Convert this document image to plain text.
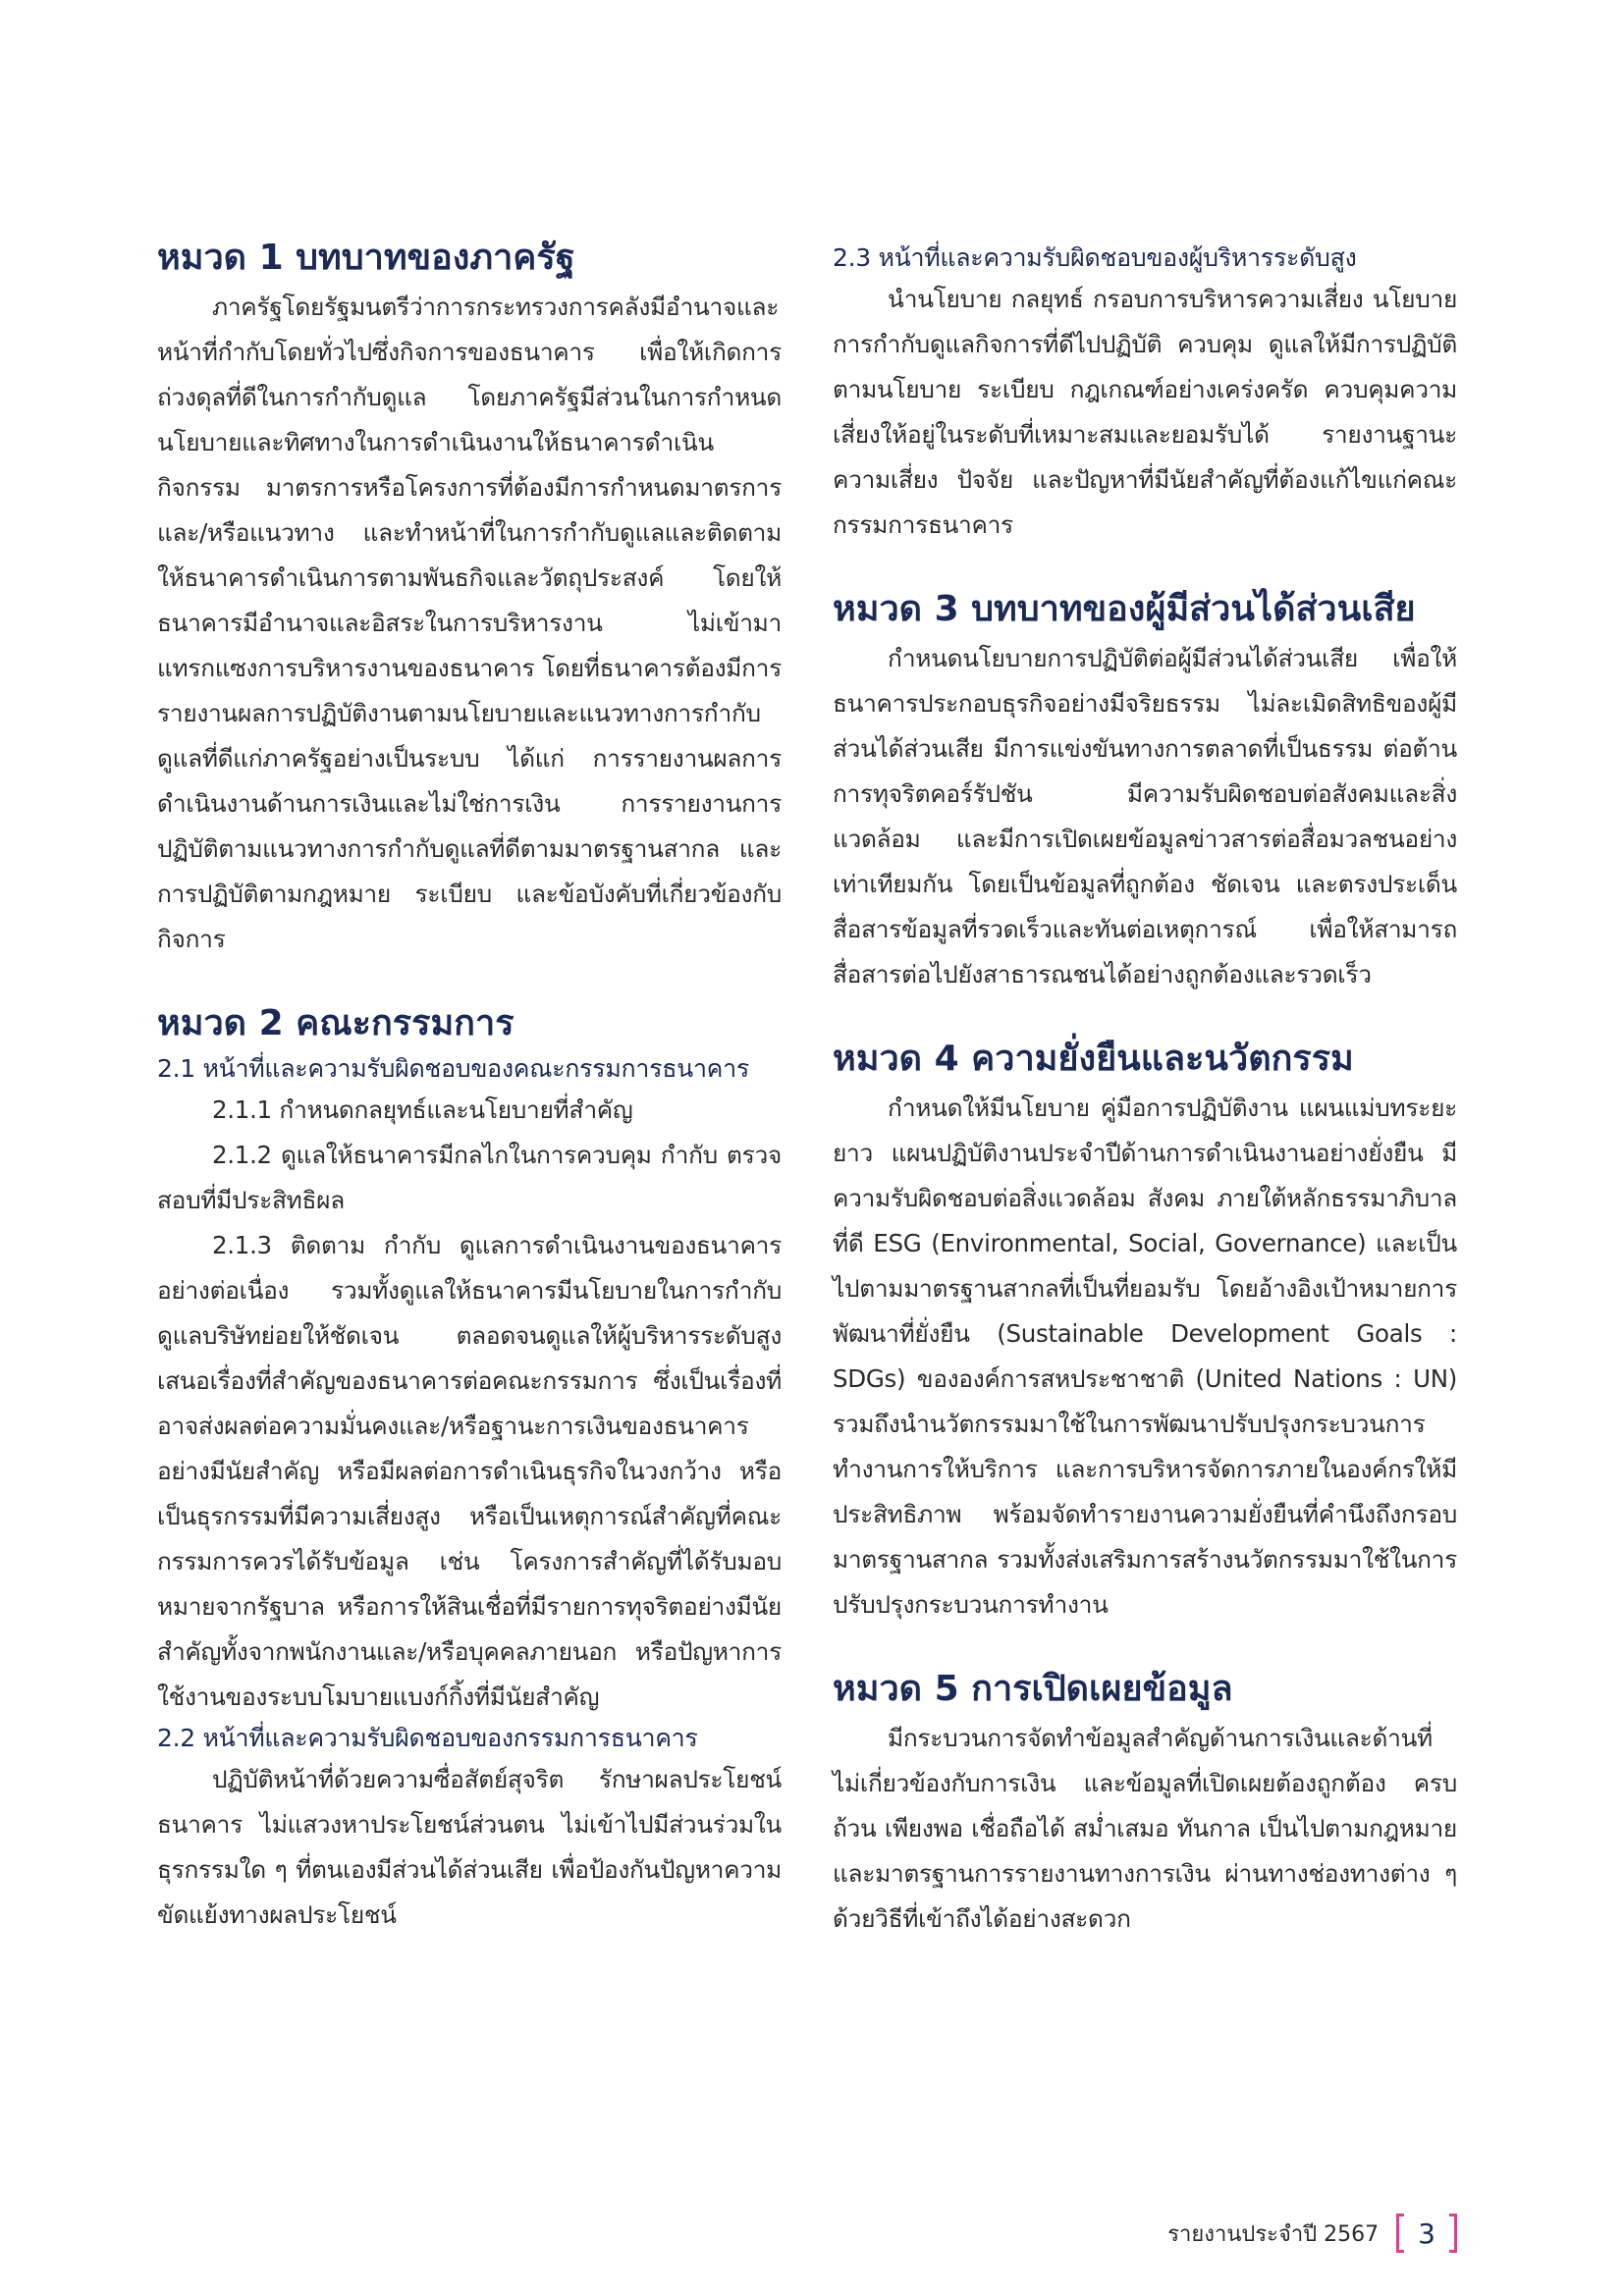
หมวด 1 บทบาทของภาครัฐ

ภาครัฐโดยรัฐมนตรีว่าการกระทรวงการคลังมีอำนาจและหน้าที่กำกับโดยทั่วไปซึ่งกิจการของธนาคาร เพื่อให้เกิดการถ่วงดุลที่ดีในการกำกับดูแล โดยภาครัฐมีส่วนในการกำหนดนโยบายและทิศทางในการดำเนินงานให้ธนาคารดำเนินกิจกรรม มาตรการหรือโครงการที่ต้องมีการกำหนดมาตรการและ/หรือแนวทาง และทำหน้าที่ในการกำกับดูแลและติดตามให้ธนาคารดำเนินการตามพันธกิจและวัตถุประสงค์ โดยให้ธนาคารมีอำนาจและอิสระในการบริหารงาน ไม่เข้ามาแทรกแซงการบริหารงานของธนาคาร โดยที่ธนาคารต้องมีการรายงานผลการปฏิบัติงานตามนโยบายและแนวทางการกำกับดูแลที่ดีแก่ภาครัฐอย่างเป็นระบบ ได้แก่ การรายงานผลการดำเนินงานด้านการเงินและไม่ใช่การเงิน การรายงานการปฏิบัติตามแนวทางการกำกับดูแลที่ดีตามมาตรฐานสากล และการปฏิบัติตามกฎหมาย ระเบียบ และข้อบังคับที่เกี่ยวข้องกับกิจการ

หมวด 2 คณะกรรมการ
2.1 หน้าที่และความรับผิดชอบของคณะกรรมการธนาคาร

2.1.1 กำหนดกลยุทธ์และนโยบายที่สำคัญ

2.1.2 ดูแลให้ธนาคารมีกลไกในการควบคุม กำกับ ตรวจสอบที่มีประสิทธิผล

2.1.3 ติดตาม กำกับ ดูแลการดำเนินงานของธนาคารอย่างต่อเนื่อง รวมทั้งดูแลให้ธนาคารมีนโยบายในการกำกับดูแลบริษัทย่อยให้ชัดเจน ตลอดจนดูแลให้ผู้บริหารระดับสูงเสนอเรื่องที่สำคัญของธนาคารต่อคณะกรรมการ ซึ่งเป็นเรื่องที่อาจส่งผลต่อความมั่นคงและ/หรือฐานะการเงินของธนาคารอย่างมีนัยสำคัญ หรือมีผลต่อการดำเนินธุรกิจในวงกว้าง หรือเป็นธุรกรรมที่มีความเสี่ยงสูง หรือเป็นเหตุการณ์สำคัญที่คณะกรรมการควรได้รับข้อมูล เช่น โครงการสำคัญที่ได้รับมอบหมายจากรัฐบาล หรือการให้สินเชื่อที่มีรายการทุจริตอย่างมีนัยสำคัญทั้งจากพนักงานและ/หรือบุคคลภายนอก หรือปัญหาการใช้งานของระบบโมบายแบงก์กิ้งที่มีนัยสำคัญ

2.2 หน้าที่และความรับผิดชอบของกรรมการธนาคาร

ปฏิบัติหน้าที่ด้วยความซื่อสัตย์สุจริต รักษาผลประโยชน์ธนาคาร ไม่แสวงหาประโยชน์ส่วนตน ไม่เข้าไปมีส่วนร่วมในธุรกรรมใด ๆ ที่ตนเองมีส่วนได้ส่วนเสีย เพื่อป้องกันปัญหาความขัดแย้งทางผลประโยชน์

2.3 หน้าที่และความรับผิดชอบของผู้บริหารระดับสูง

นำนโยบาย กลยุทธ์ กรอบการบริหารความเสี่ยง นโยบายการกำกับดูแลกิจการที่ดีไปปฏิบัติ ควบคุม ดูแลให้มีการปฏิบัติตามนโยบาย ระเบียบ กฎเกณฑ์อย่างเคร่งครัด ควบคุมความเสี่ยงให้อยู่ในระดับที่เหมาะสมและยอมรับได้ รายงานฐานะความเสี่ยง ปัจจัย และปัญหาที่มีนัยสำคัญที่ต้องแก้ไขแก่คณะกรรมการธนาคาร

หมวด 3 บทบาทของผู้มีส่วนได้ส่วนเสีย

กำหนดนโยบายการปฏิบัติต่อผู้มีส่วนได้ส่วนเสีย เพื่อให้ธนาคารประกอบธุรกิจอย่างมีจริยธรรม ไม่ละเมิดสิทธิของผู้มีส่วนได้ส่วนเสีย มีการแข่งขันทางการตลาดที่เป็นธรรม ต่อต้านการทุจริตคอร์รัปชัน มีความรับผิดชอบต่อสังคมและสิ่งแวดล้อม และมีการเปิดเผยข้อมูลข่าวสารต่อสื่อมวลชนอย่างเท่าเทียมกัน โดยเป็นข้อมูลที่ถูกต้อง ชัดเจน และตรงประเด็น สื่อสารข้อมูลที่รวดเร็วและทันต่อเหตุการณ์ เพื่อให้สามารถสื่อสารต่อไปยังสาธารณชนได้อย่างถูกต้องและรวดเร็ว

หมวด 4 ความยั่งยืนและนวัตกรรม

กำหนดให้มีนโยบาย คู่มือการปฏิบัติงาน แผนแม่บทระยะยาว แผนปฏิบัติงานประจำปีด้านการดำเนินงานอย่างยั่งยืน มีความรับผิดชอบต่อสิ่งแวดล้อม สังคม ภายใต้หลักธรรมาภิบาลที่ดี ESG (Environmental, Social, Governance) และเป็นไปตามมาตรฐานสากลที่เป็นที่ยอมรับ โดยอ้างอิงเป้าหมายการพัฒนาที่ยั่งยืน (Sustainable Development Goals : SDGs) ขององค์การสหประชาชาติ (United Nations : UN) รวมถึงนำนวัตกรรมมาใช้ในการพัฒนาปรับปรุงกระบวนการทำงานการให้บริการ และการบริหารจัดการภายในองค์กรให้มีประสิทธิภาพ พร้อมจัดทำรายงานความยั่งยืนที่คำนึงถึงกรอบมาตรฐานสากล รวมทั้งส่งเสริมการสร้างนวัตกรรมมาใช้ในการปรับปรุงกระบวนการทำงาน

หมวด 5 การเปิดเผยข้อมูล

มีกระบวนการจัดทำข้อมูลสำคัญด้านการเงินและด้านที่ไม่เกี่ยวข้องกับการเงิน และข้อมูลที่เปิดเผยต้องถูกต้อง ครบถ้วน เพียงพอ เชื่อถือได้ สม่ำเสมอ ทันกาล เป็นไปตามกฎหมายและมาตรฐานการรายงานทางการเงิน ผ่านทางช่องทางต่าง ๆ ด้วยวิธีที่เข้าถึงได้อย่างสะดวก

รายงานประจำปี 2567	3
